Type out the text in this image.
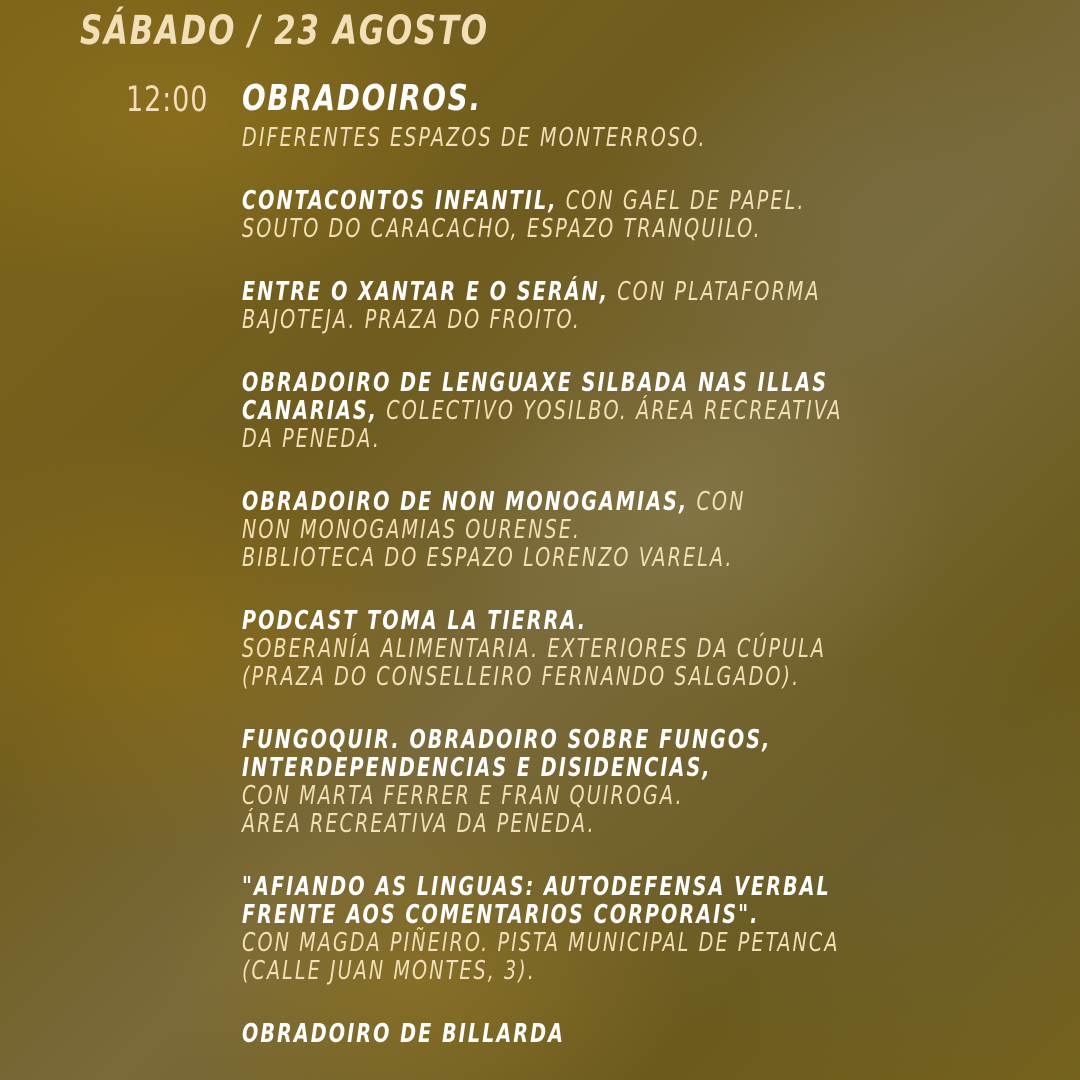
SÁBADO / 23 AGOSTO
12:00 OBRADOIROS.
DIFERENTES ESPAZOS DE MONTERROSO.
CONTACONTOS INFANTIL, CON GAEL DE PAPEL.
SOUTO DO CARACACHO, ESPAZO TRANQUILO.
ENTRE O XANTAR E O SERÁN, CON PLATAFORMA
BAJOTEJA. PRAZA DO FROITO.
OBRADOIRO DE LENGUAXE SILBADA NAS ILLAS
CANARIAS, COLECTIVO YOSILBO. ÁREA RECREATIVA
DA PENEDA.
OBRADOIRO DE NON MONOGAMIAS, CON
NON MONOGAMIAS OURENSE.
BIBLIOTECA DO ESPAZO LORENZO VARELA.
PODCAST TOMA LA TIERRA.
SOBERANÍA ALIMENTARIA. EXTERIORES DA CÚPULA
(PRAZA DO CONSELLEIRO FERNANDO SALGADO).
FUNGOQUIR. OBRADOIRO SOBRE FUNGOS,
INTERDEPENDENCIAS E DISIDENCIAS,
CON MARTA FERRER E FRAN QUIROGA.
ÁREA RECREATIVA DA PENEDA.
"AFIANDO AS LINGUAS: AUTODEFENSA VERBAL
FRENTE AOS COMENTARIOS CORPORAIS".
CON MAGDA PIÑEIRO. PISTA MUNICIPAL DE PETANCA
(CALLE JUAN MONTES, 3).
OBRADOIRO DE BILLARDA
